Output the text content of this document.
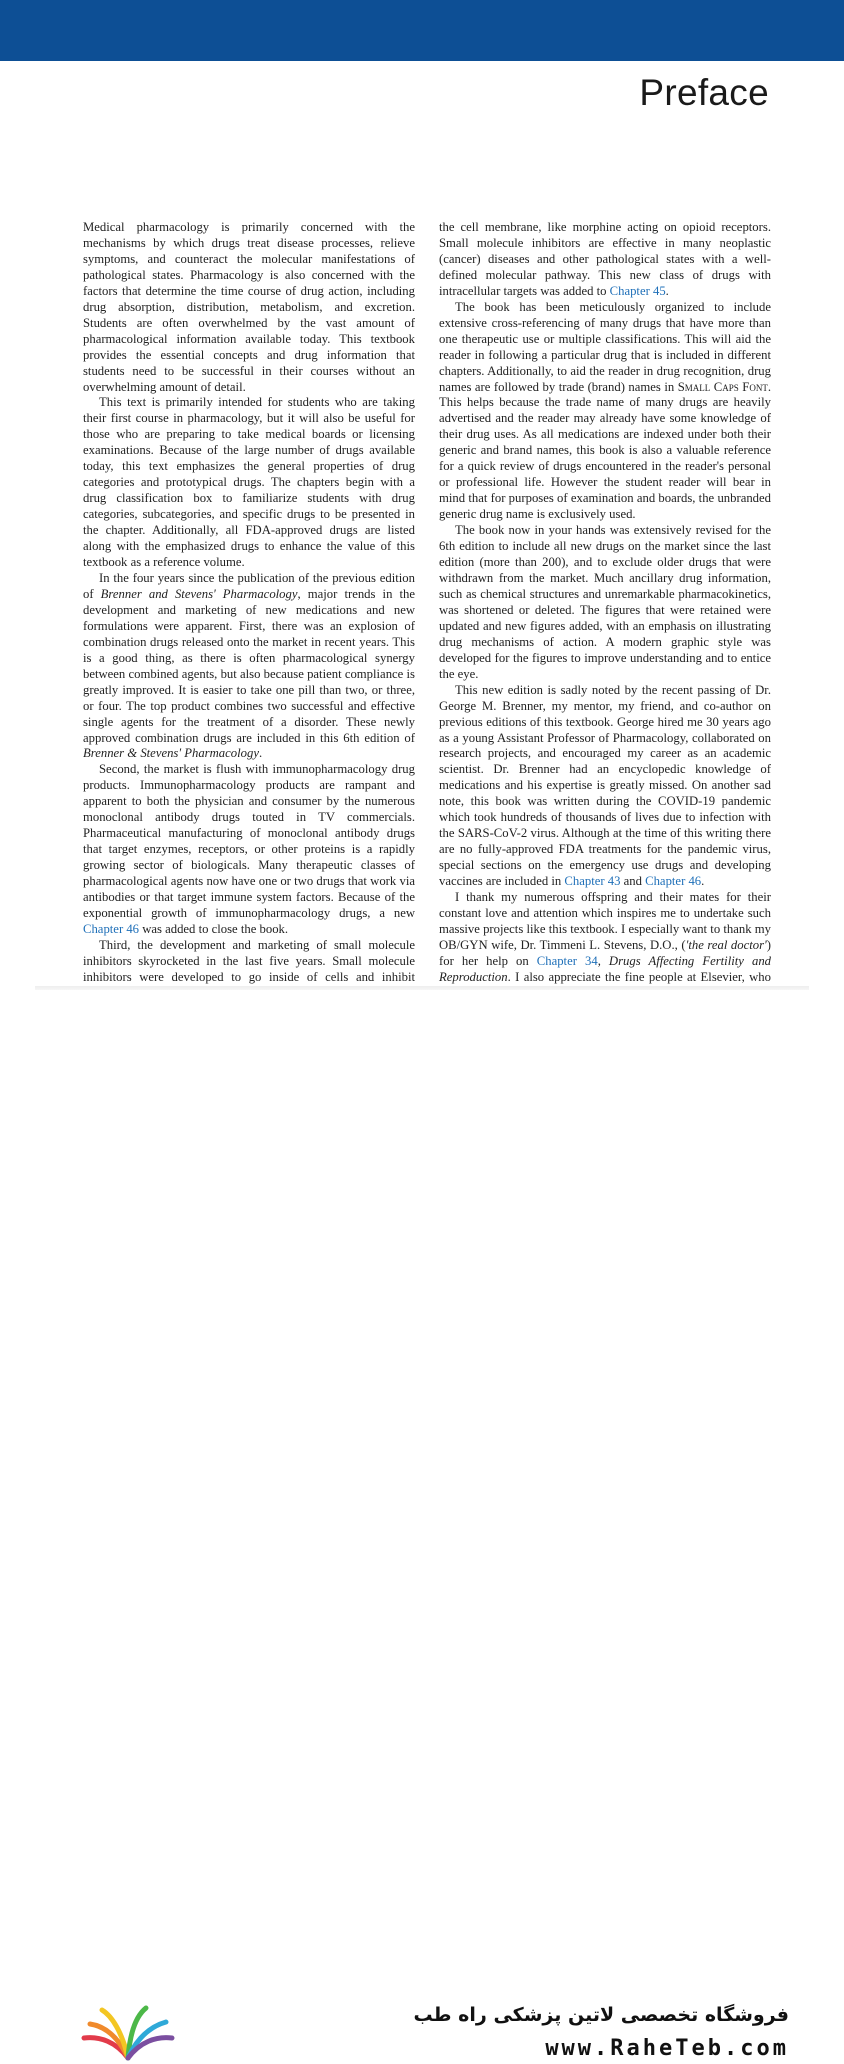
Preface

Medical pharmacology is primarily concerned with the mechanisms by which drugs treat disease processes, relieve symptoms, and counteract the molecular manifestations of pathological states. Pharmacology is also concerned with the factors that determine the time course of drug action, including drug absorption, distribution, metabolism, and excretion. Students are often overwhelmed by the vast amount of pharmacological information available today. This textbook provides the essential concepts and drug information that students need to be successful in their courses without an overwhelming amount of detail.

This text is primarily intended for students who are taking their first course in pharmacology, but it will also be useful for those who are preparing to take medical boards or licensing examinations. Because of the large number of drugs available today, this text emphasizes the general properties of drug categories and prototypical drugs. The chapters begin with a drug classification box to familiarize students with drug categories, subcategories, and specific drugs to be presented in the chapter. Additionally, all FDA-approved drugs are listed along with the emphasized drugs to enhance the value of this textbook as a reference volume.

In the four years since the publication of the previous edition of Brenner and Stevens' Pharmacology, major trends in the development and marketing of new medications and new formulations were apparent. First, there was an explosion of combination drugs released onto the market in recent years. This is a good thing, as there is often pharmacological synergy between combined agents, but also because patient compliance is greatly improved. It is easier to take one pill than two, or three, or four. The top product combines two successful and effective single agents for the treatment of a disorder. These newly approved combination drugs are included in this 6th edition of Brenner & Stevens' Pharmacology.

Second, the market is flush with immunopharmacology drug products. Immunopharmacology products are rampant and apparent to both the physician and consumer by the numerous monoclonal antibody drugs touted in TV commercials. Pharmaceutical manufacturing of monoclonal antibody drugs that target enzymes, receptors, or other proteins is a rapidly growing sector of biologicals. Many therapeutic classes of pharmacological agents now have one or two drugs that work via antibodies or that target immune system factors. Because of the exponential growth of immunopharmacology drugs, a new Chapter 46 was added to close the book.

Third, the development and marketing of small molecule inhibitors skyrocketed in the last five years. Small molecule inhibitors were developed to go inside of cells and inhibit

the cell membrane, like morphine acting on opioid receptors. Small molecule inhibitors are effective in many neoplastic (cancer) diseases and other pathological states with a well-defined molecular pathway. This new class of drugs with intracellular targets was added to Chapter 45.

The book has been meticulously organized to include extensive cross-referencing of many drugs that have more than one therapeutic use or multiple classifications. This will aid the reader in following a particular drug that is included in different chapters. Additionally, to aid the reader in drug recognition, drug names are followed by trade (brand) names in Small Caps Font. This helps because the trade name of many drugs are heavily advertised and the reader may already have some knowledge of their drug uses. As all medications are indexed under both their generic and brand names, this book is also a valuable reference for a quick review of drugs encountered in the reader's personal or professional life. However the student reader will bear in mind that for purposes of examination and boards, the unbranded generic drug name is exclusively used.

The book now in your hands was extensively revised for the 6th edition to include all new drugs on the market since the last edition (more than 200), and to exclude older drugs that were withdrawn from the market. Much ancillary drug information, such as chemical structures and unremarkable pharmacokinetics, was shortened or deleted. The figures that were retained were updated and new figures added, with an emphasis on illustrating drug mechanisms of action. A modern graphic style was developed for the figures to improve understanding and to entice the eye.

This new edition is sadly noted by the recent passing of Dr. George M. Brenner, my mentor, my friend, and co-author on previous editions of this textbook. George hired me 30 years ago as a young Assistant Professor of Pharmacology, collaborated on research projects, and encouraged my career as an academic scientist. Dr. Brenner had an encyclopedic knowledge of medications and his expertise is greatly missed. On another sad note, this book was written during the COVID-19 pandemic which took hundreds of thousands of lives due to infection with the SARS-CoV-2 virus. Although at the time of this writing there are no fully-approved FDA treatments for the pandemic virus, special sections on the emergency use drugs and developing vaccines are included in Chapter 43 and Chapter 46.

I thank my numerous offspring and their mates for their constant love and attention which inspires me to undertake such massive projects like this textbook. I especially want to thank my OB/GYN wife, Dr. Timmeni L. Stevens, D.O., ('the real doctor') for her help on Chapter 34, Drugs Affecting Fertility and Reproduction. I also appreciate the fine people at Elsevier, who

فروشگاه تخصصی لاتین پزشکی راه طب
www.RaheTeb.com
